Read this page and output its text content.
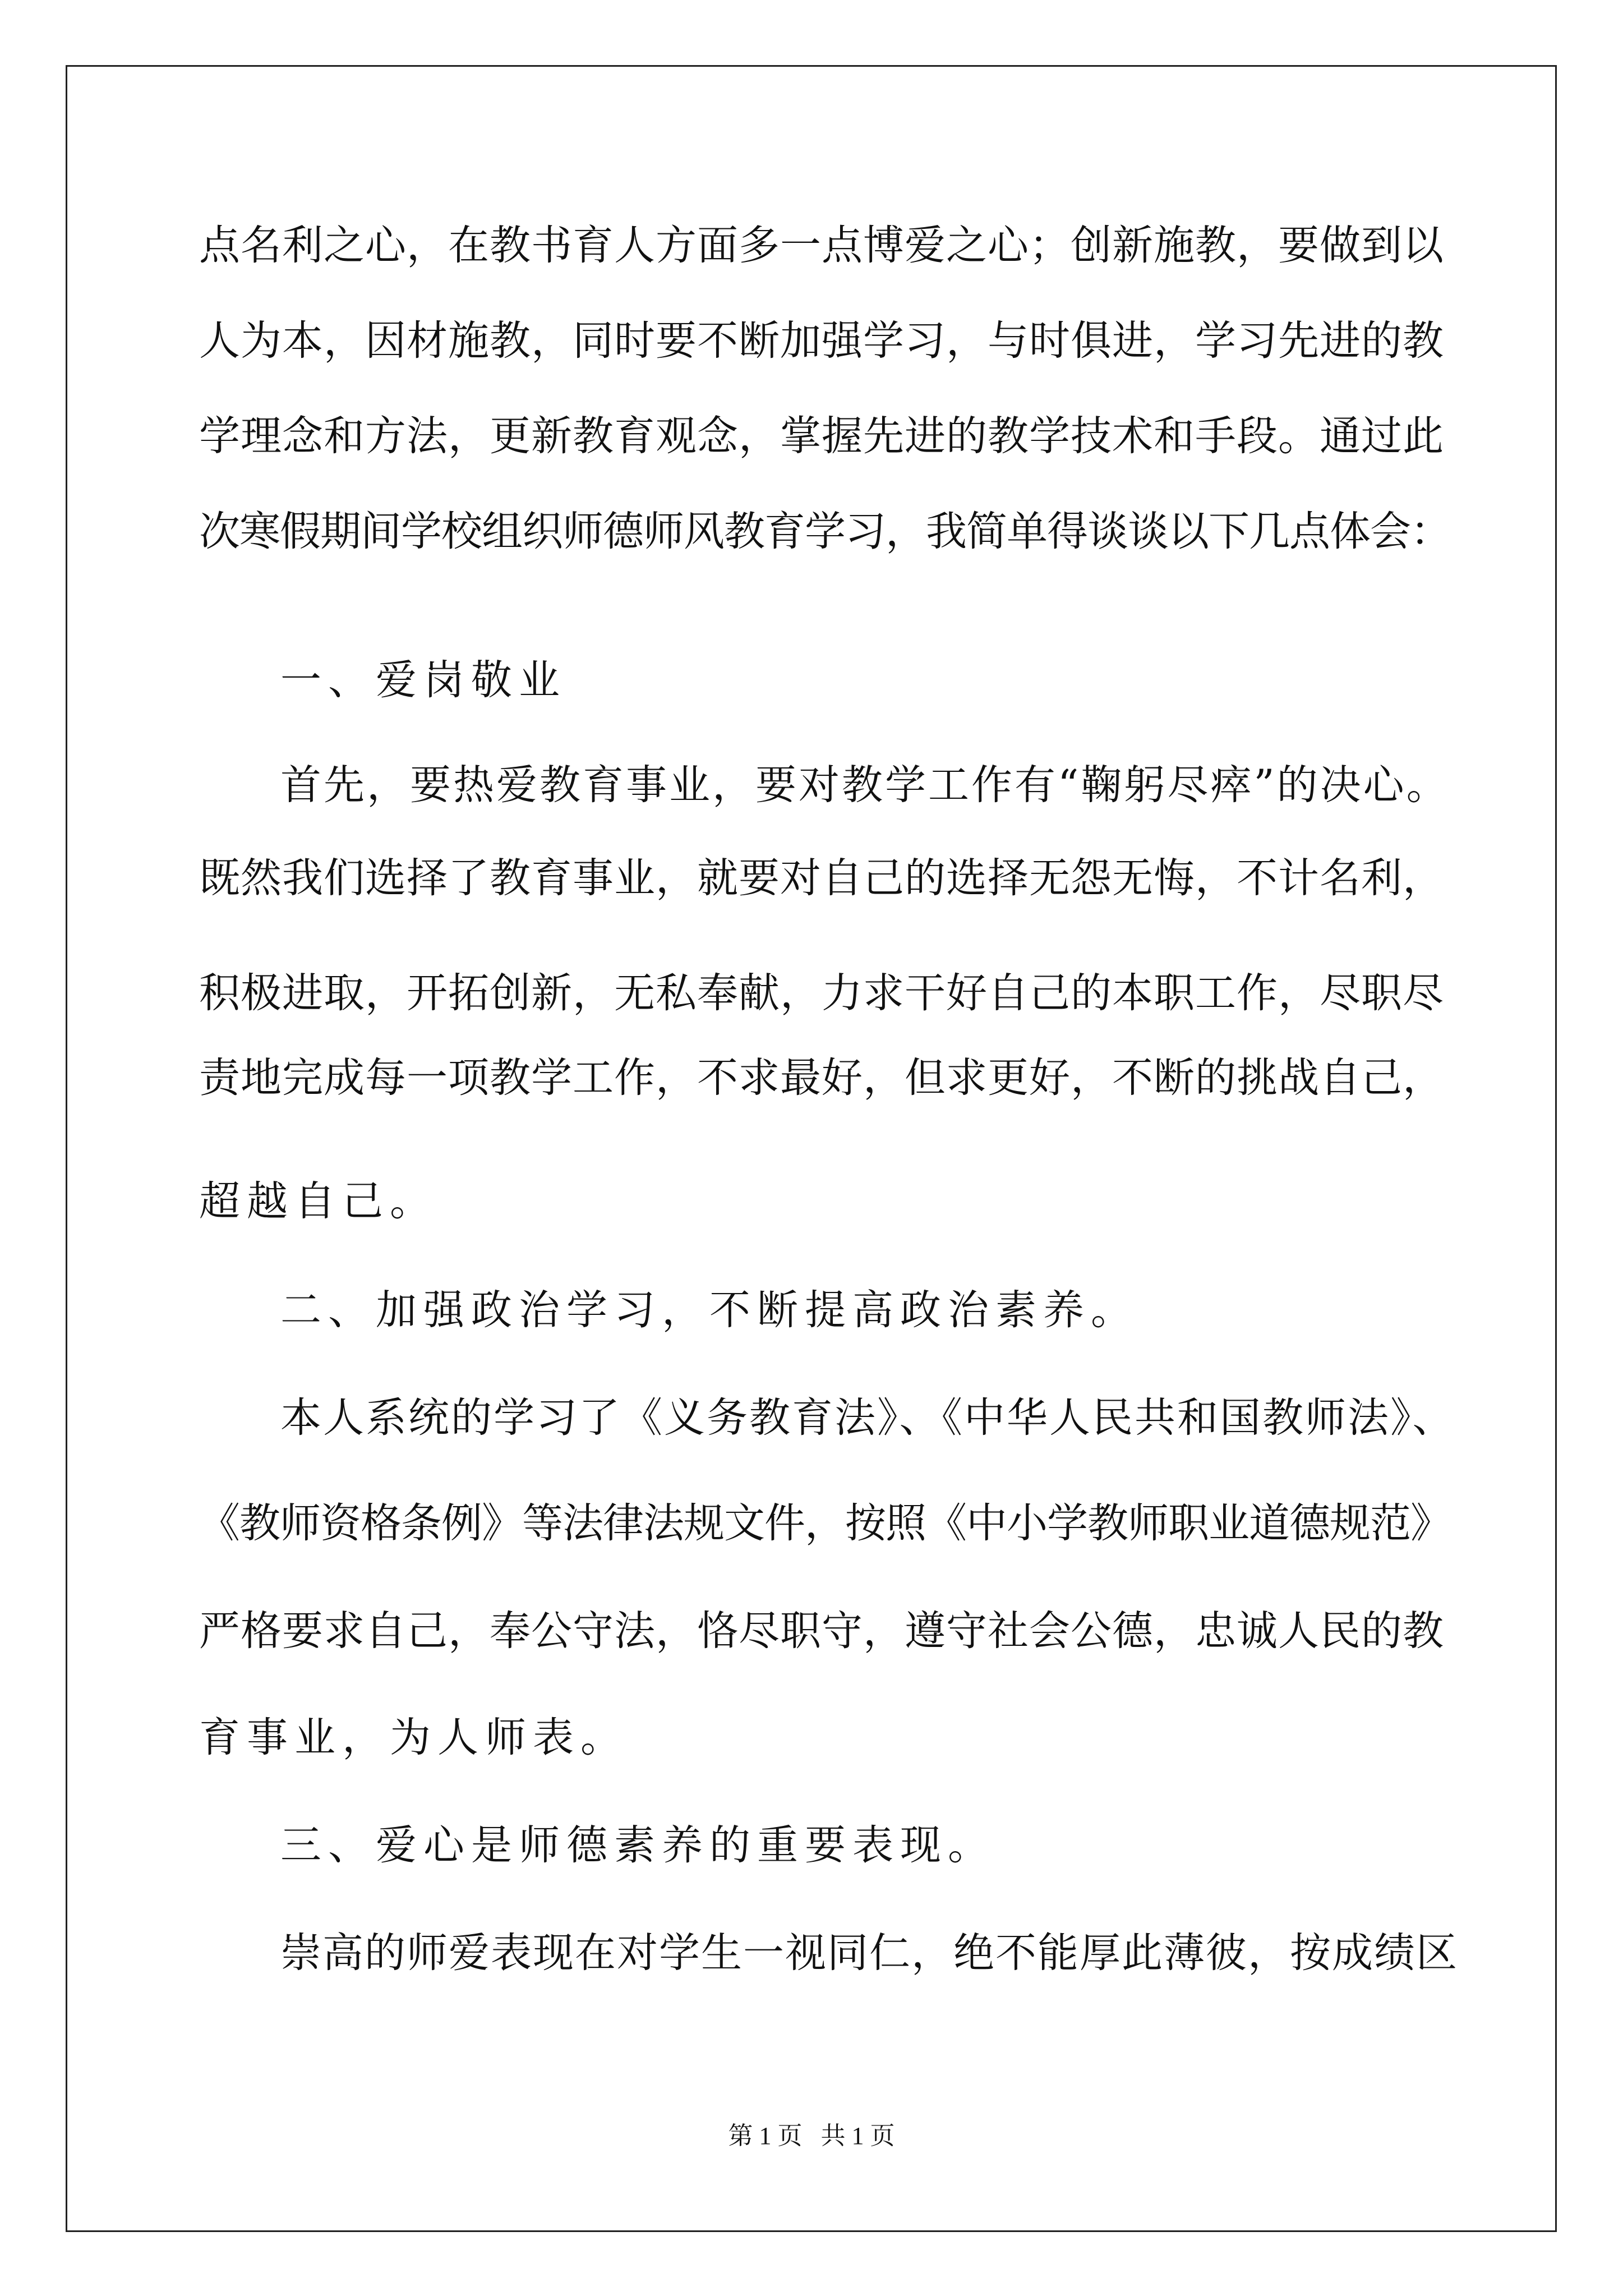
点名利之心，在教书育人方面多一点博爱之心；创新施教，要做到以
人为本，因材施教，同时要不断加强学习，与时俱进，学习先进的教
学理念和方法，更新教育观念，掌握先进的教学技术和手段。通过此
次寒假期间学校组织师德师风教育学习，我简单得谈谈以下几点体会：
一、爱岗敬业
首先，要热爱教育事业，要对教学工作有“鞠躬尽瘁”的决心。
既然我们选择了教育事业，就要对自己的选择无怨无悔，不计名利，
积极进取，开拓创新，无私奉献，力求干好自己的本职工作，尽职尽
责地完成每一项教学工作，不求最好，但求更好，不断的挑战自己，
超越自己。
二、加强政治学习，不断提高政治素养。
本人系统的学习了《义务教育法》、《中华人民共和国教师法》、
《教师资格条例》等法律法规文件，按照《中小学教师职业道德规范》
严格要求自己，奉公守法，恪尽职守，遵守社会公德，忠诚人民的教
育事业，为人师表。
三、爱心是师德素养的重要表现。
崇高的师爱表现在对学生一视同仁，绝不能厚此薄彼，按成绩区
第 1 页   共 1 页
